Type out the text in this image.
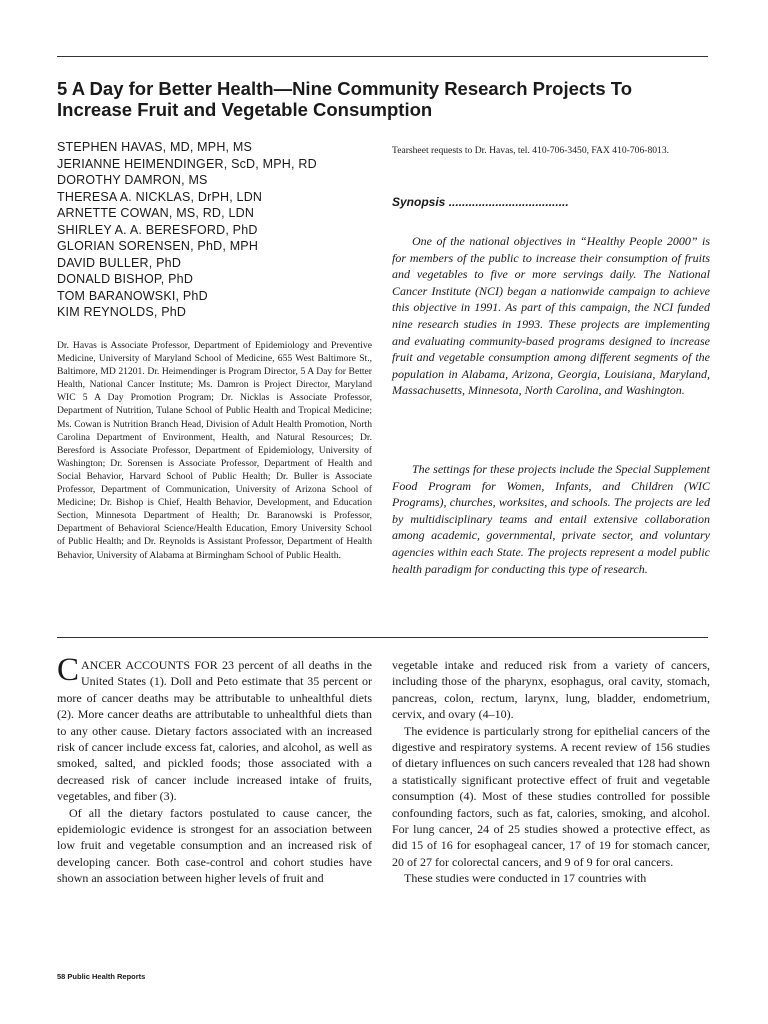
5 A Day for Better Health—Nine Community Research Projects To Increase Fruit and Vegetable Consumption
STEPHEN HAVAS, MD, MPH, MS
JERIANNE HEIMENDINGER, ScD, MPH, RD
DOROTHY DAMRON, MS
THERESA A. NICKLAS, DrPH, LDN
ARNETTE COWAN, MS, RD, LDN
SHIRLEY A. A. BERESFORD, PhD
GLORIAN SORENSEN, PhD, MPH
DAVID BULLER, PhD
DONALD BISHOP, PhD
TOM BARANOWSKI, PhD
KIM REYNOLDS, PhD

Dr. Havas is Associate Professor, Department of Epidemiology and Preventive Medicine, University of Maryland School of Medicine, 655 West Baltimore St., Baltimore, MD 21201. Dr. Heimendinger is Program Director, 5 A Day for Better Health, National Cancer Institute; Ms. Damron is Project Director, Maryland WIC 5 A Day Promotion Program; Dr. Nicklas is Associate Professor, Department of Nutrition, Tulane School of Public Health and Tropical Medicine; Ms. Cowan is Nutrition Branch Head, Division of Adult Health Promotion, North Carolina Department of Environment, Health, and Natural Resources; Dr. Beresford is Associate Professor, Department of Epidemiology, University of Washington; Dr. Sorensen is Associate Professor, Department of Health and Social Behavior, Harvard School of Public Health; Dr. Buller is Associate Professor, Department of Communication, University of Arizona School of Medicine; Dr. Bishop is Chief, Health Behavior, Development, and Education Section, Minnesota Department of Health; Dr. Baranowski is Professor, Department of Behavioral Science/Health Education, Emory University School of Public Health; and Dr. Reynolds is Assistant Professor, Department of Health Behavior, University of Alabama at Birmingham School of Public Health.

Tearsheet requests to Dr. Havas, tel. 410-706-3450, FAX 410-706-8013.

Synopsis ....................................

One of the national objectives in “Healthy People 2000” is for members of the public to increase their consumption of fruits and vegetables to five or more servings daily. The National Cancer Institute (NCI) began a nationwide campaign to achieve this objective in 1991. As part of this campaign, the NCI funded nine research studies in 1993. These projects are implementing and evaluating community-based programs designed to increase fruit and vegetable consumption among different segments of the population in Alabama, Arizona, Georgia, Louisiana, Maryland, Massachusetts, Minnesota, North Carolina, and Washington.

The settings for these projects include the Special Supplement Food Program for Women, Infants, and Children (WIC Programs), churches, worksites, and schools. The projects are led by multidisciplinary teams and entail extensive collaboration among academic, governmental, private sector, and voluntary agencies within each State. The projects represent a model public health paradigm for conducting this type of research.

CANCER ACCOUNTS FOR 23 percent of all deaths in the United States (1). Doll and Peto estimate that 35 percent or more of cancer deaths may be attributable to unhealthful diets (2). More cancer deaths are attributable to unhealthful diets than to any other cause. Dietary factors associated with an increased risk of cancer include excess fat, calories, and alcohol, as well as smoked, salted, and pickled foods; those associated with a decreased risk of cancer include increased intake of fruits, vegetables, and fiber (3).

Of all the dietary factors postulated to cause cancer, the epidemiologic evidence is strongest for an association between low fruit and vegetable consumption and an increased risk of developing cancer. Both case-control and cohort studies have shown an association between higher levels of fruit and

vegetable intake and reduced risk from a variety of cancers, including those of the pharynx, esophagus, oral cavity, stomach, pancreas, colon, rectum, larynx, lung, bladder, endometrium, cervix, and ovary (4–10).

The evidence is particularly strong for epithelial cancers of the digestive and respiratory systems. A recent review of 156 studies of dietary influences on such cancers revealed that 128 had shown a statistically significant protective effect of fruit and vegetable consumption (4). Most of these studies controlled for possible confounding factors, such as fat, calories, smoking, and alcohol. For lung cancer, 24 of 25 studies showed a protective effect, as did 15 of 16 for esophageal cancer, 17 of 19 for stomach cancer, 20 of 27 for colorectal cancers, and 9 of 9 for oral cancers.

These studies were conducted in 17 countries with

58 Public Health Reports
